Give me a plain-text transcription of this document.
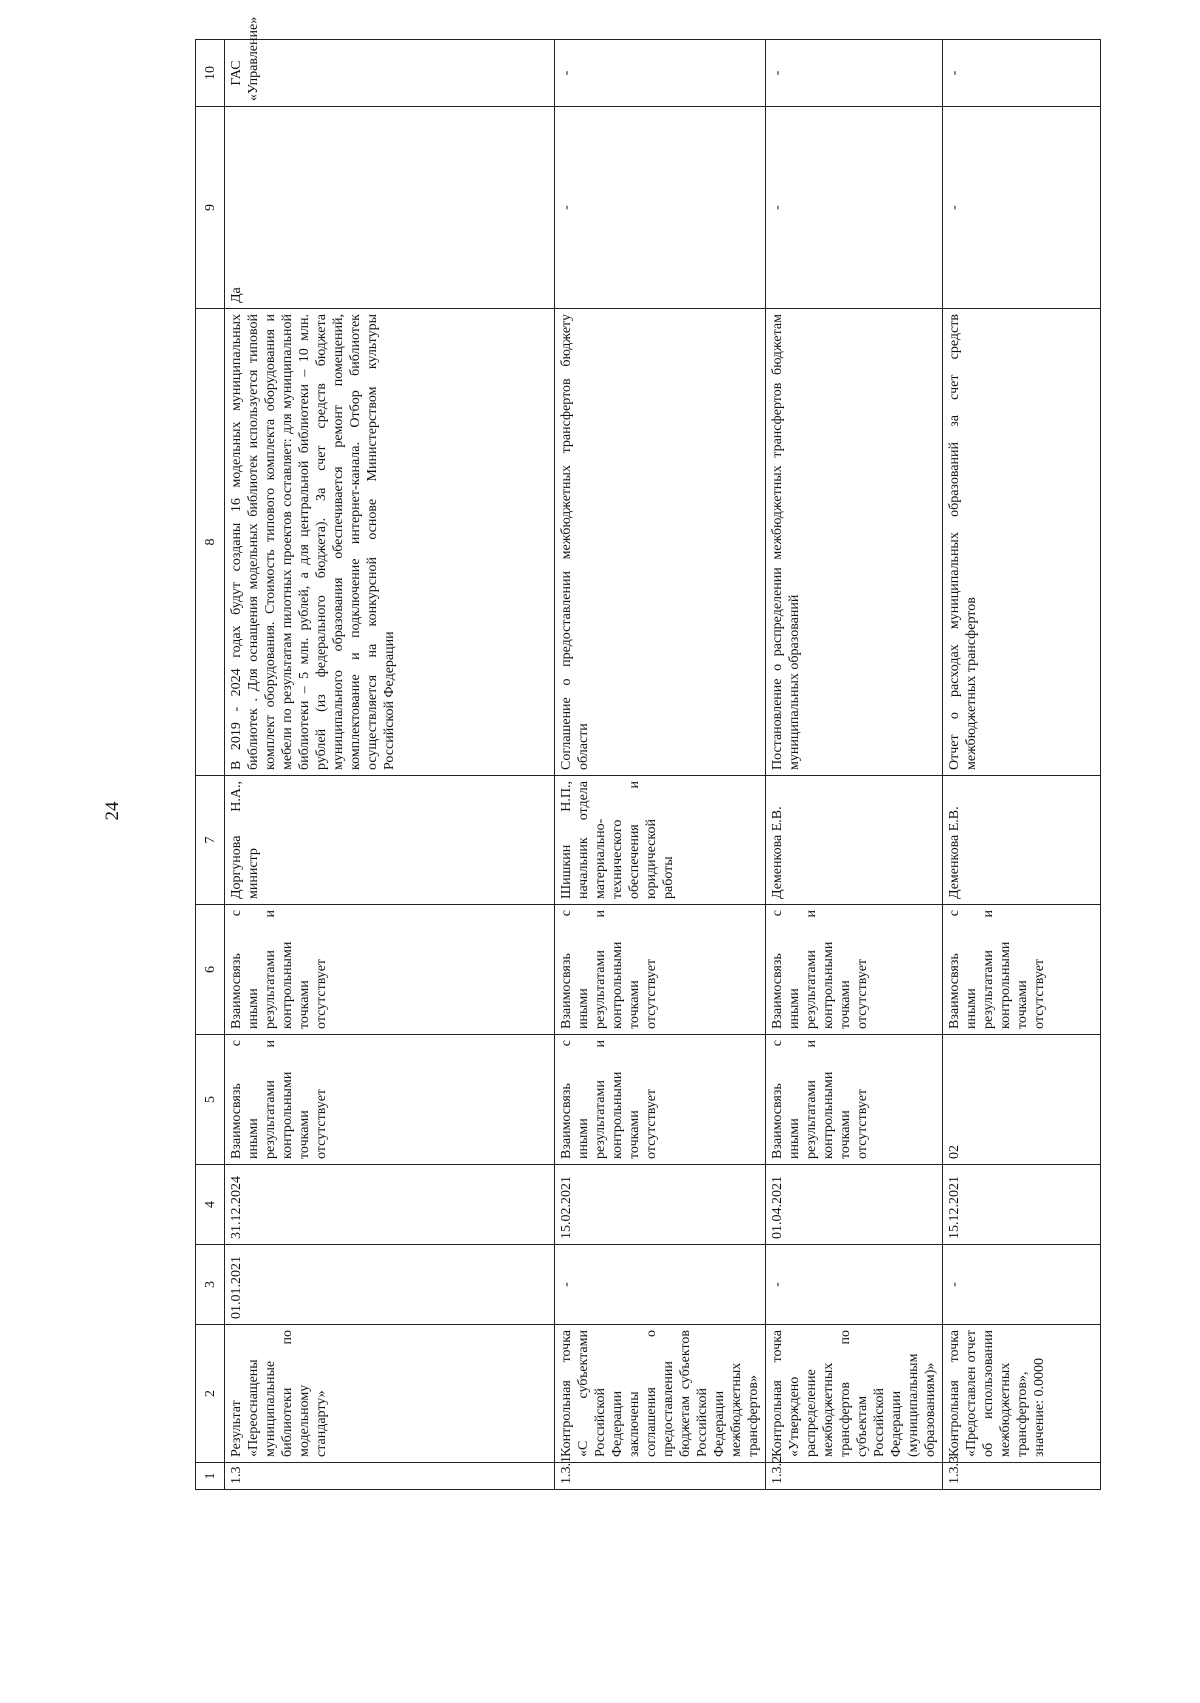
24
1	2	3	4	5	6	7	8	9	10
1.3	Результат «Переоснащены муниципальные библиотеки по модельному стандарту»	01.01.2021	31.12.2024	Взаимосвязь с иными результатами и контрольными точками отсутствует	Взаимосвязь с иными результатами и контрольными точками отсутствует	Доргунова Н.А., министр	В 2019 - 2024 годах будут созданы 16 модельных муниципальных библиотек . Для оснащения модельных библиотек используется типовой комплект оборудования. Стоимость типового комплекта оборудования и мебели по результатам пилотных проектов составляет: для муниципальной библиотеки – 5 млн. рублей, а для центральной библиотеки – 10 млн. рублей (из федерального бюджета). За счет средств бюджета муниципального образования обеспечивается ремонт помещений, комплектование и подключение интернет-канала. Отбор библиотек осуществляется на конкурсной основе Министерством культуры Российской Федерации	Да	ГАС «Управление»
1.3.1	Контрольная точка «С субъектами Российской Федерации заключены соглашения о предоставлении бюджетам субъектов Российской Федерации межбюджетных трансфертов»	-	15.02.2021	Взаимосвязь с иными результатами и контрольными точками отсутствует	Взаимосвязь с иными результатами и контрольными точками отсутствует	Шишкин Н.П., начальник отдела материально-технического обеспечения и юридической работы	Соглашение о предоставлении межбюджетных трансфертов бюджету области	-	-
1.3.2	Контрольная точка «Утверждено распределение межбюджетных трансфертов по субъектам Российской Федерации (муниципальным образованиям)»	-	01.04.2021	Взаимосвязь с иными результатами и контрольными точками отсутствует	Взаимосвязь с иными результатами и контрольными точками отсутствует	Деменкова Е.В.	Постановление о распределении межбюджетных трансфертов бюджетам муниципальных образований	-	-
1.3.3	Контрольная точка «Предоставлен отчет об использовании межбюджетных трансфертов», значение: 0.0000	-	15.12.2021	02	Взаимосвязь с иными результатами и контрольными точками отсутствует	Деменкова Е.В.	Отчет о расходах муниципальных образований за счет средств межбюджетных трансфертов	-	-
